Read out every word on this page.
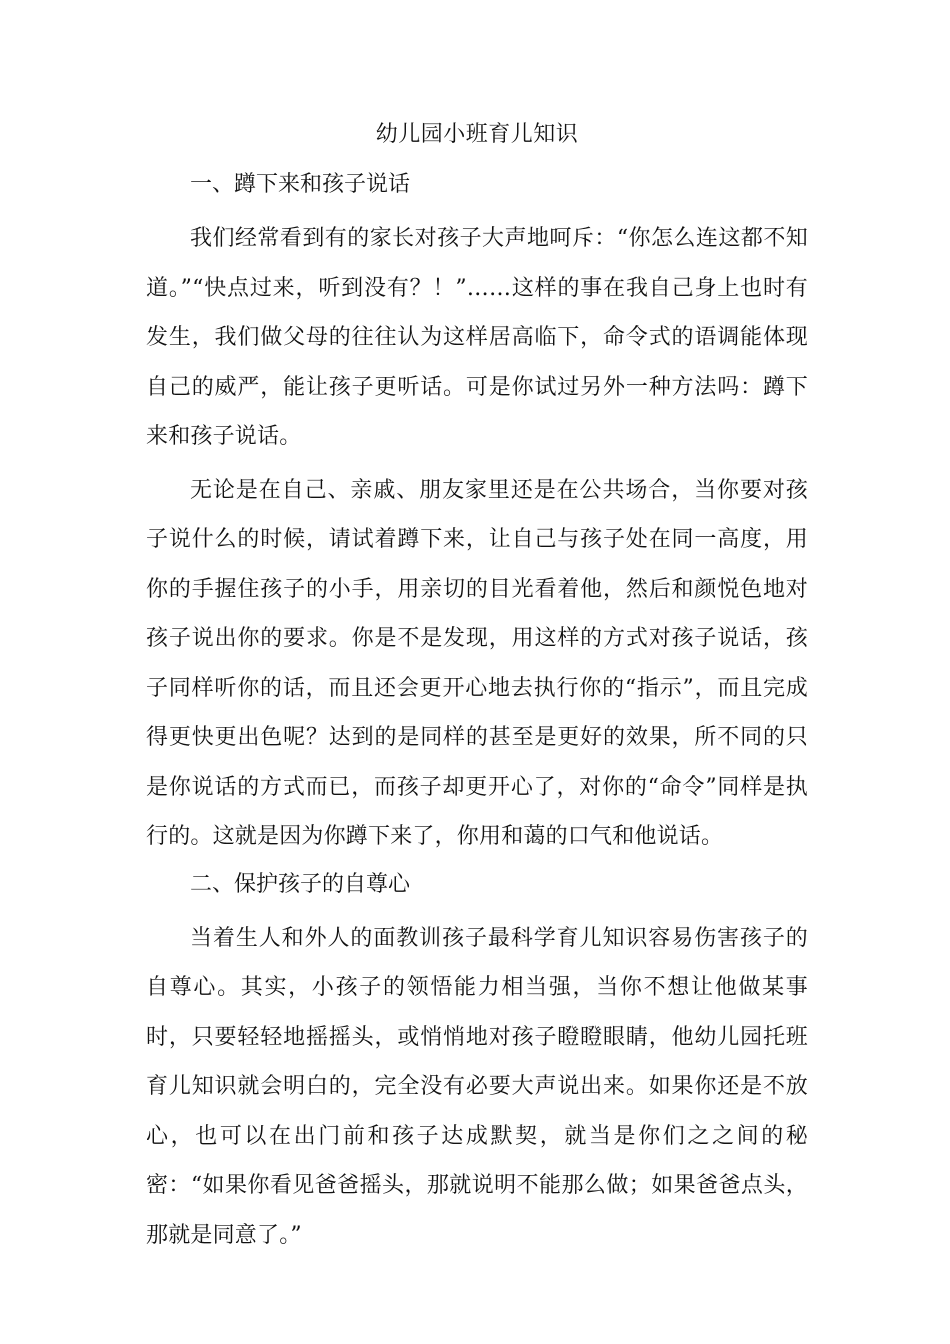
幼儿园小班育儿知识
一、蹲下来和孩子说话

我们经常看到有的家长对孩子大声地呵斥：“你怎么连这都不知道。”“快点过来，听到没有？！”……这样的事在我自己身上也时有发生，我们做父母的往往认为这样居高临下，命令式的语调能体现自己的威严，能让孩子更听话。可是你试过另外一种方法吗：蹲下来和孩子说话。

无论是在自己、亲戚、朋友家里还是在公共场合，当你要对孩子说什么的时候，请试着蹲下来，让自己与孩子处在同一高度，用你的手握住孩子的小手，用亲切的目光看着他，然后和颜悦色地对孩子说出你的要求。你是不是发现，用这样的方式对孩子说话，孩子同样听你的话，而且还会更开心地去执行你的“指示”，而且完成得更快更出色呢？达到的是同样的甚至是更好的效果，所不同的只是你说话的方式而已，而孩子却更开心了，对你的“命令”同样是执行的。这就是因为你蹲下来了，你用和蔼的口气和他说话。

二、保护孩子的自尊心

当着生人和外人的面教训孩子最科学育儿知识容易伤害孩子的自尊心。其实，小孩子的领悟能力相当强，当你不想让他做某事时，只要轻轻地摇摇头，或悄悄地对孩子瞪瞪眼睛，他幼儿园托班育儿知识就会明白的，完全没有必要大声说出来。如果你还是不放心，也可以在出门前和孩子达成默契，就当是你们之之间的秘密：“如果你看见爸爸摇头，那就说明不能那么做；如果爸爸点头，那就是同意了。”
